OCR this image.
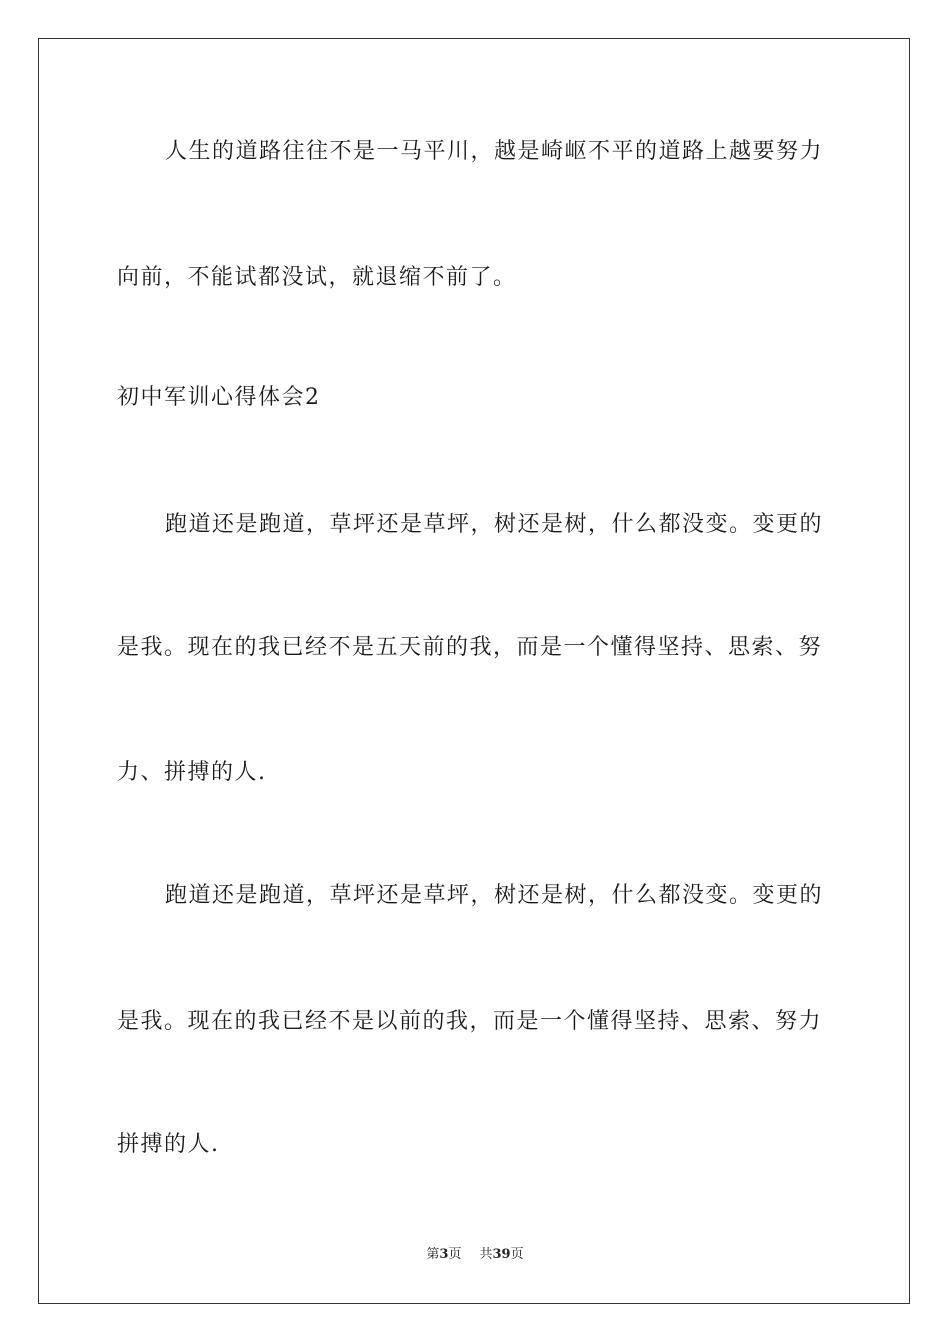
人生的道路往往不是一马平川，越是崎岖不平的道路上越要努力
向前，不能试都没试，就退缩不前了。
初中军训心得体会2
跑道还是跑道，草坪还是草坪，树还是树，什么都没变。变更的
是我。现在的我已经不是五天前的我，而是一个懂得坚持、思索、努
力、拼搏的人.
跑道还是跑道，草坪还是草坪，树还是树，什么都没变。变更的
是我。现在的我已经不是以前的我，而是一个懂得坚持、思索、努力
拼搏的人.
第3页 共39页
